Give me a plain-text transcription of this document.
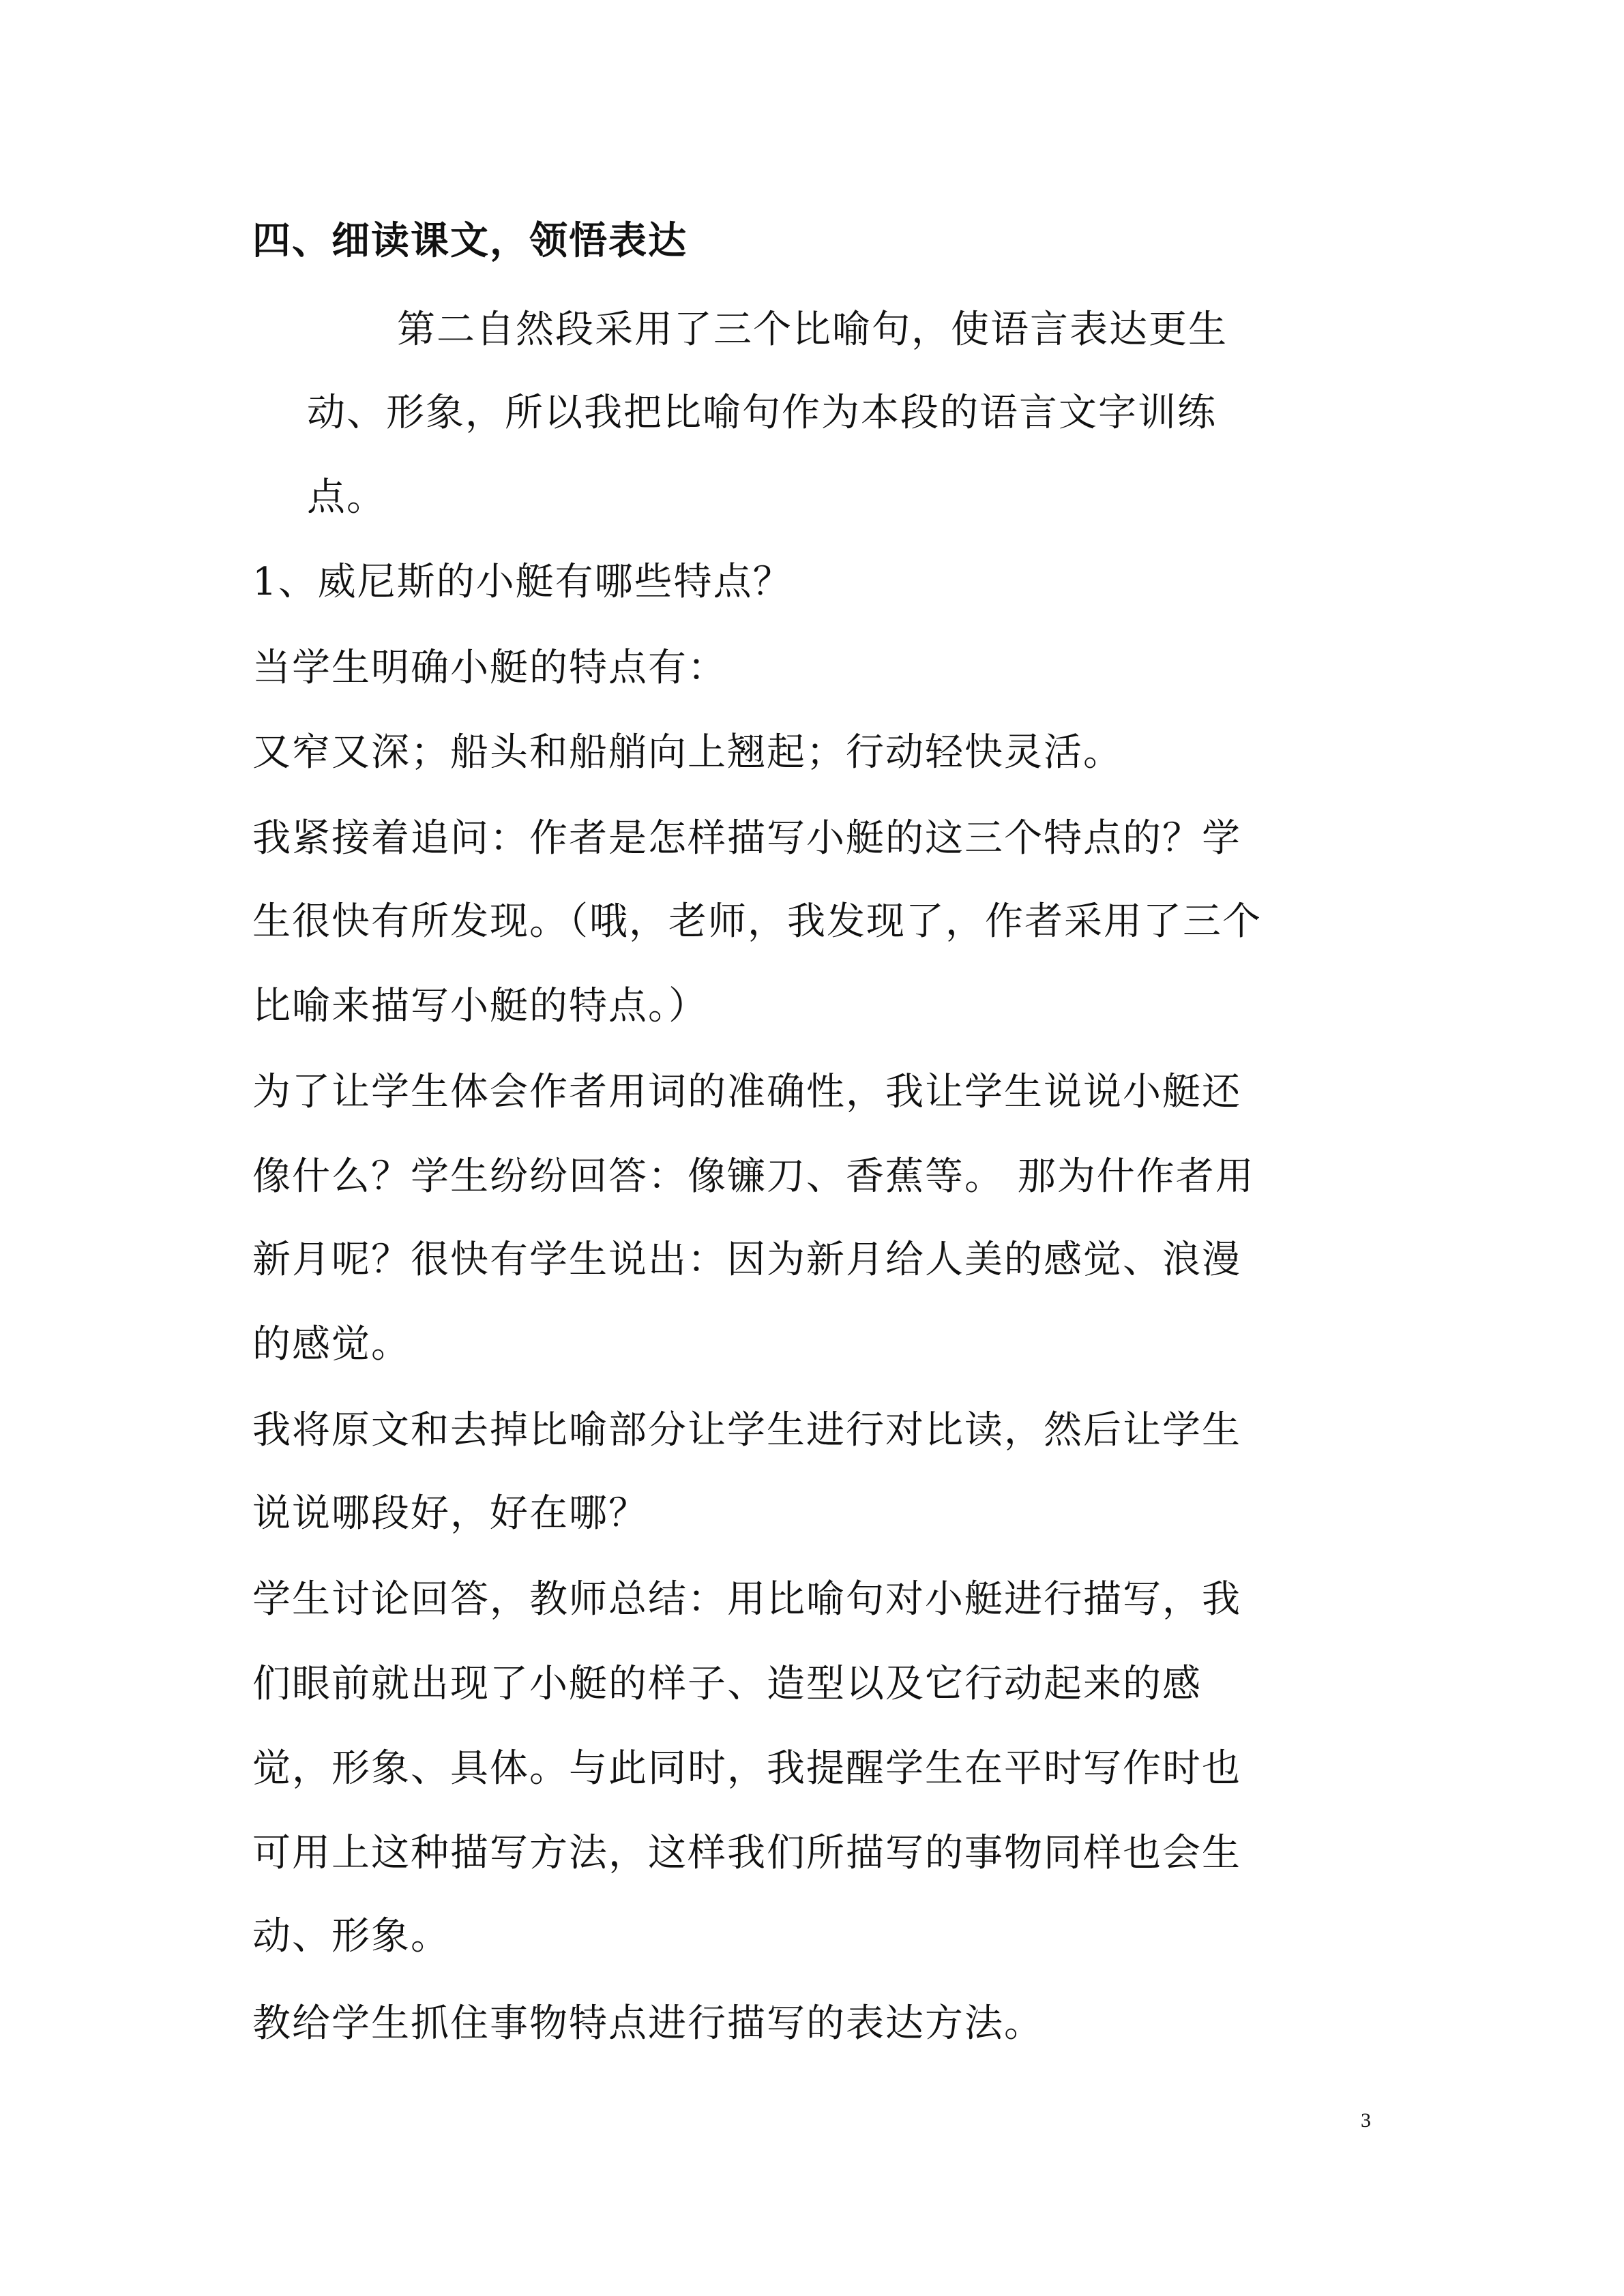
四、细读课文，领悟表达
第二自然段采用了三个比喻句，使语言表达更生
动、形象，所以我把比喻句作为本段的语言文字训练
点。
1、威尼斯的小艇有哪些特点？
当学生明确小艇的特点有：
又窄又深；船头和船艄向上翘起；行动轻快灵活。
我紧接着追问：作者是怎样描写小艇的这三个特点的？学
生很快有所发现。（哦，老师，我发现了，作者采用了三个
比喻来描写小艇的特点。）
为了让学生体会作者用词的准确性，我让学生说说小艇还
像什么？学生纷纷回答：像镰刀、香蕉等。 那为什作者用
新月呢？很快有学生说出：因为新月给人美的感觉、浪漫
的感觉。
我将原文和去掉比喻部分让学生进行对比读，然后让学生
说说哪段好，好在哪？
学生讨论回答，教师总结：用比喻句对小艇进行描写，我
们眼前就出现了小艇的样子、造型以及它行动起来的感
觉，形象、具体。与此同时，我提醒学生在平时写作时也
可用上这种描写方法，这样我们所描写的事物同样也会生
动、形象。
教给学生抓住事物特点进行描写的表达方法。
3
